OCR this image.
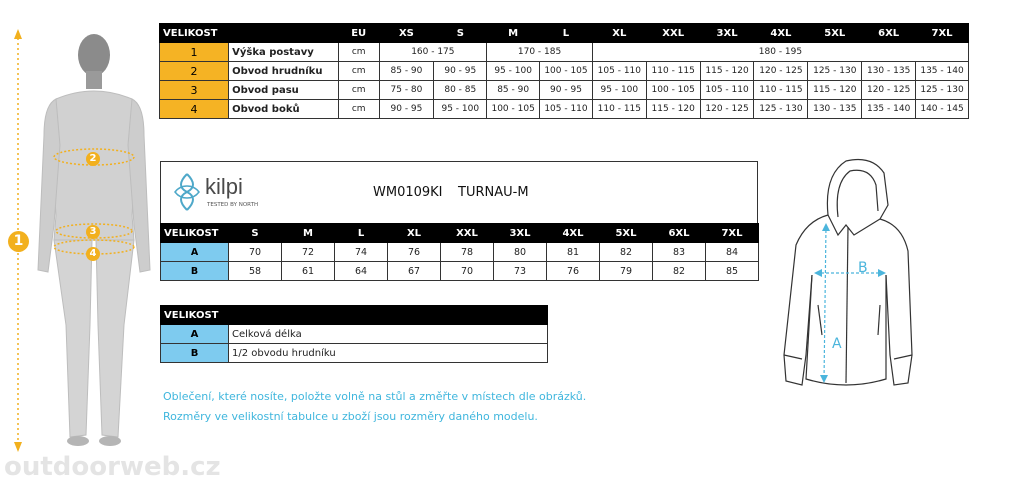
1
2
3
4
VELIKOST		EU	XS	S	M	L	XL	XXL	3XL	4XL	5XL	6XL	7XL
1	Výška postavy	cm	160 - 175		170 - 185		180 - 195						
2	Obvod hrudníku	cm	85 - 90	90 - 95	95 - 100	100 - 105	105 - 110	110 - 115	115 - 120	120 - 125	125 - 130	130 - 135	135 - 140
3	Obvod pasu	cm	75 - 80	80 - 85	85 - 90	90 - 95	95 - 100	100 - 105	105 - 110	110 - 115	115 - 120	120 - 125	125 - 130
4	Obvod boků	cm	90 - 95	95 - 100	100 - 105	105 - 110	110 - 115	115 - 120	120 - 125	125 - 130	130 - 135	135 - 140	140 - 145
kilpi
TESTED BY NORTH
WM0109KI TURNAU-M
VELIKOST	S	M	L	XL	XXL	3XL	4XL	5XL	6XL	7XL
A	70	72	74	76	78	80	81	82	83	84
B	58	61	64	67	70	73	76	79	82	85
VELIKOST	
A	Celková délka
B	1/2 obvodu hrudníku
Oblečení, které nosíte, položte volně na stůl a změřte v místech dle obrázků.
Rozměry ve velikostní tabulce u zboží jsou rozměry daného modelu.
outdoorweb.cz
A
B
